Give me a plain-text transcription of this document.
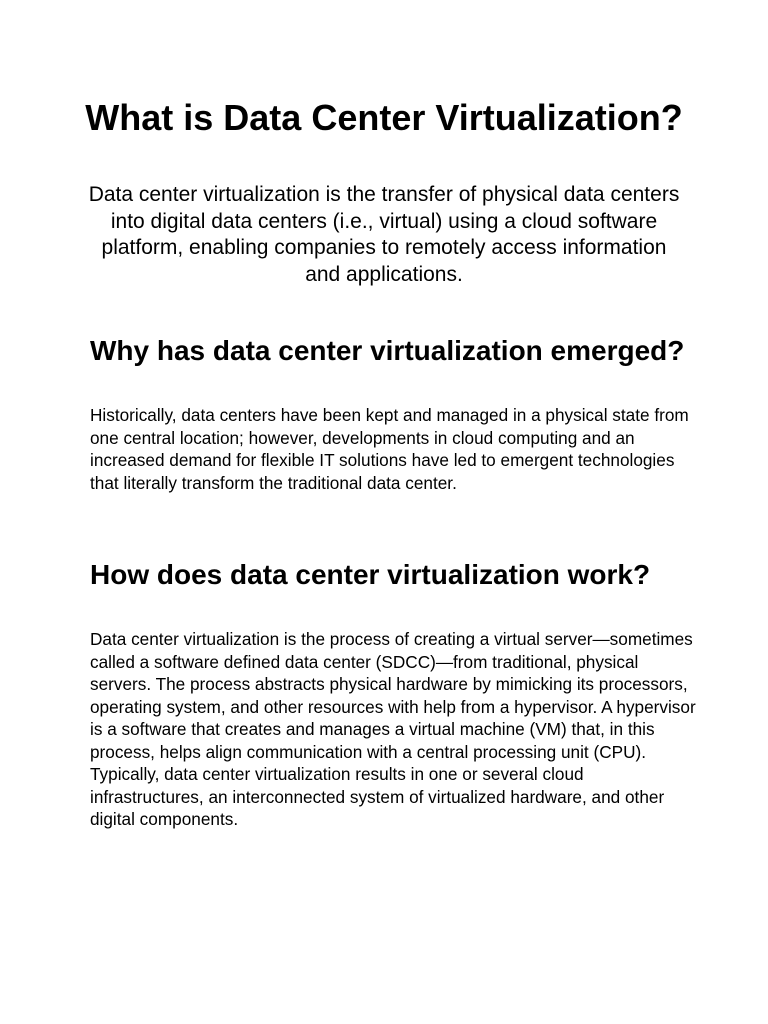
What is Data Center Virtualization?

Data center virtualization is the transfer of physical data centers into digital data centers (i.e., virtual) using a cloud software platform, enabling companies to remotely access information and applications.

Why has data center virtualization emerged?

Historically, data centers have been kept and managed in a physical state from one central location; however, developments in cloud computing and an increased demand for flexible IT solutions have led to emergent technologies that literally transform the traditional data center.

How does data center virtualization work?

Data center virtualization is the process of creating a virtual server—sometimes called a software defined data center (SDCC)—from traditional, physical servers. The process abstracts physical hardware by mimicking its processors, operating system, and other resources with help from a hypervisor. A hypervisor is a software that creates and manages a virtual machine (VM) that, in this process, helps align communication with a central processing unit (CPU). Typically, data center virtualization results in one or several cloud infrastructures, an interconnected system of virtualized hardware, and other digital components.
